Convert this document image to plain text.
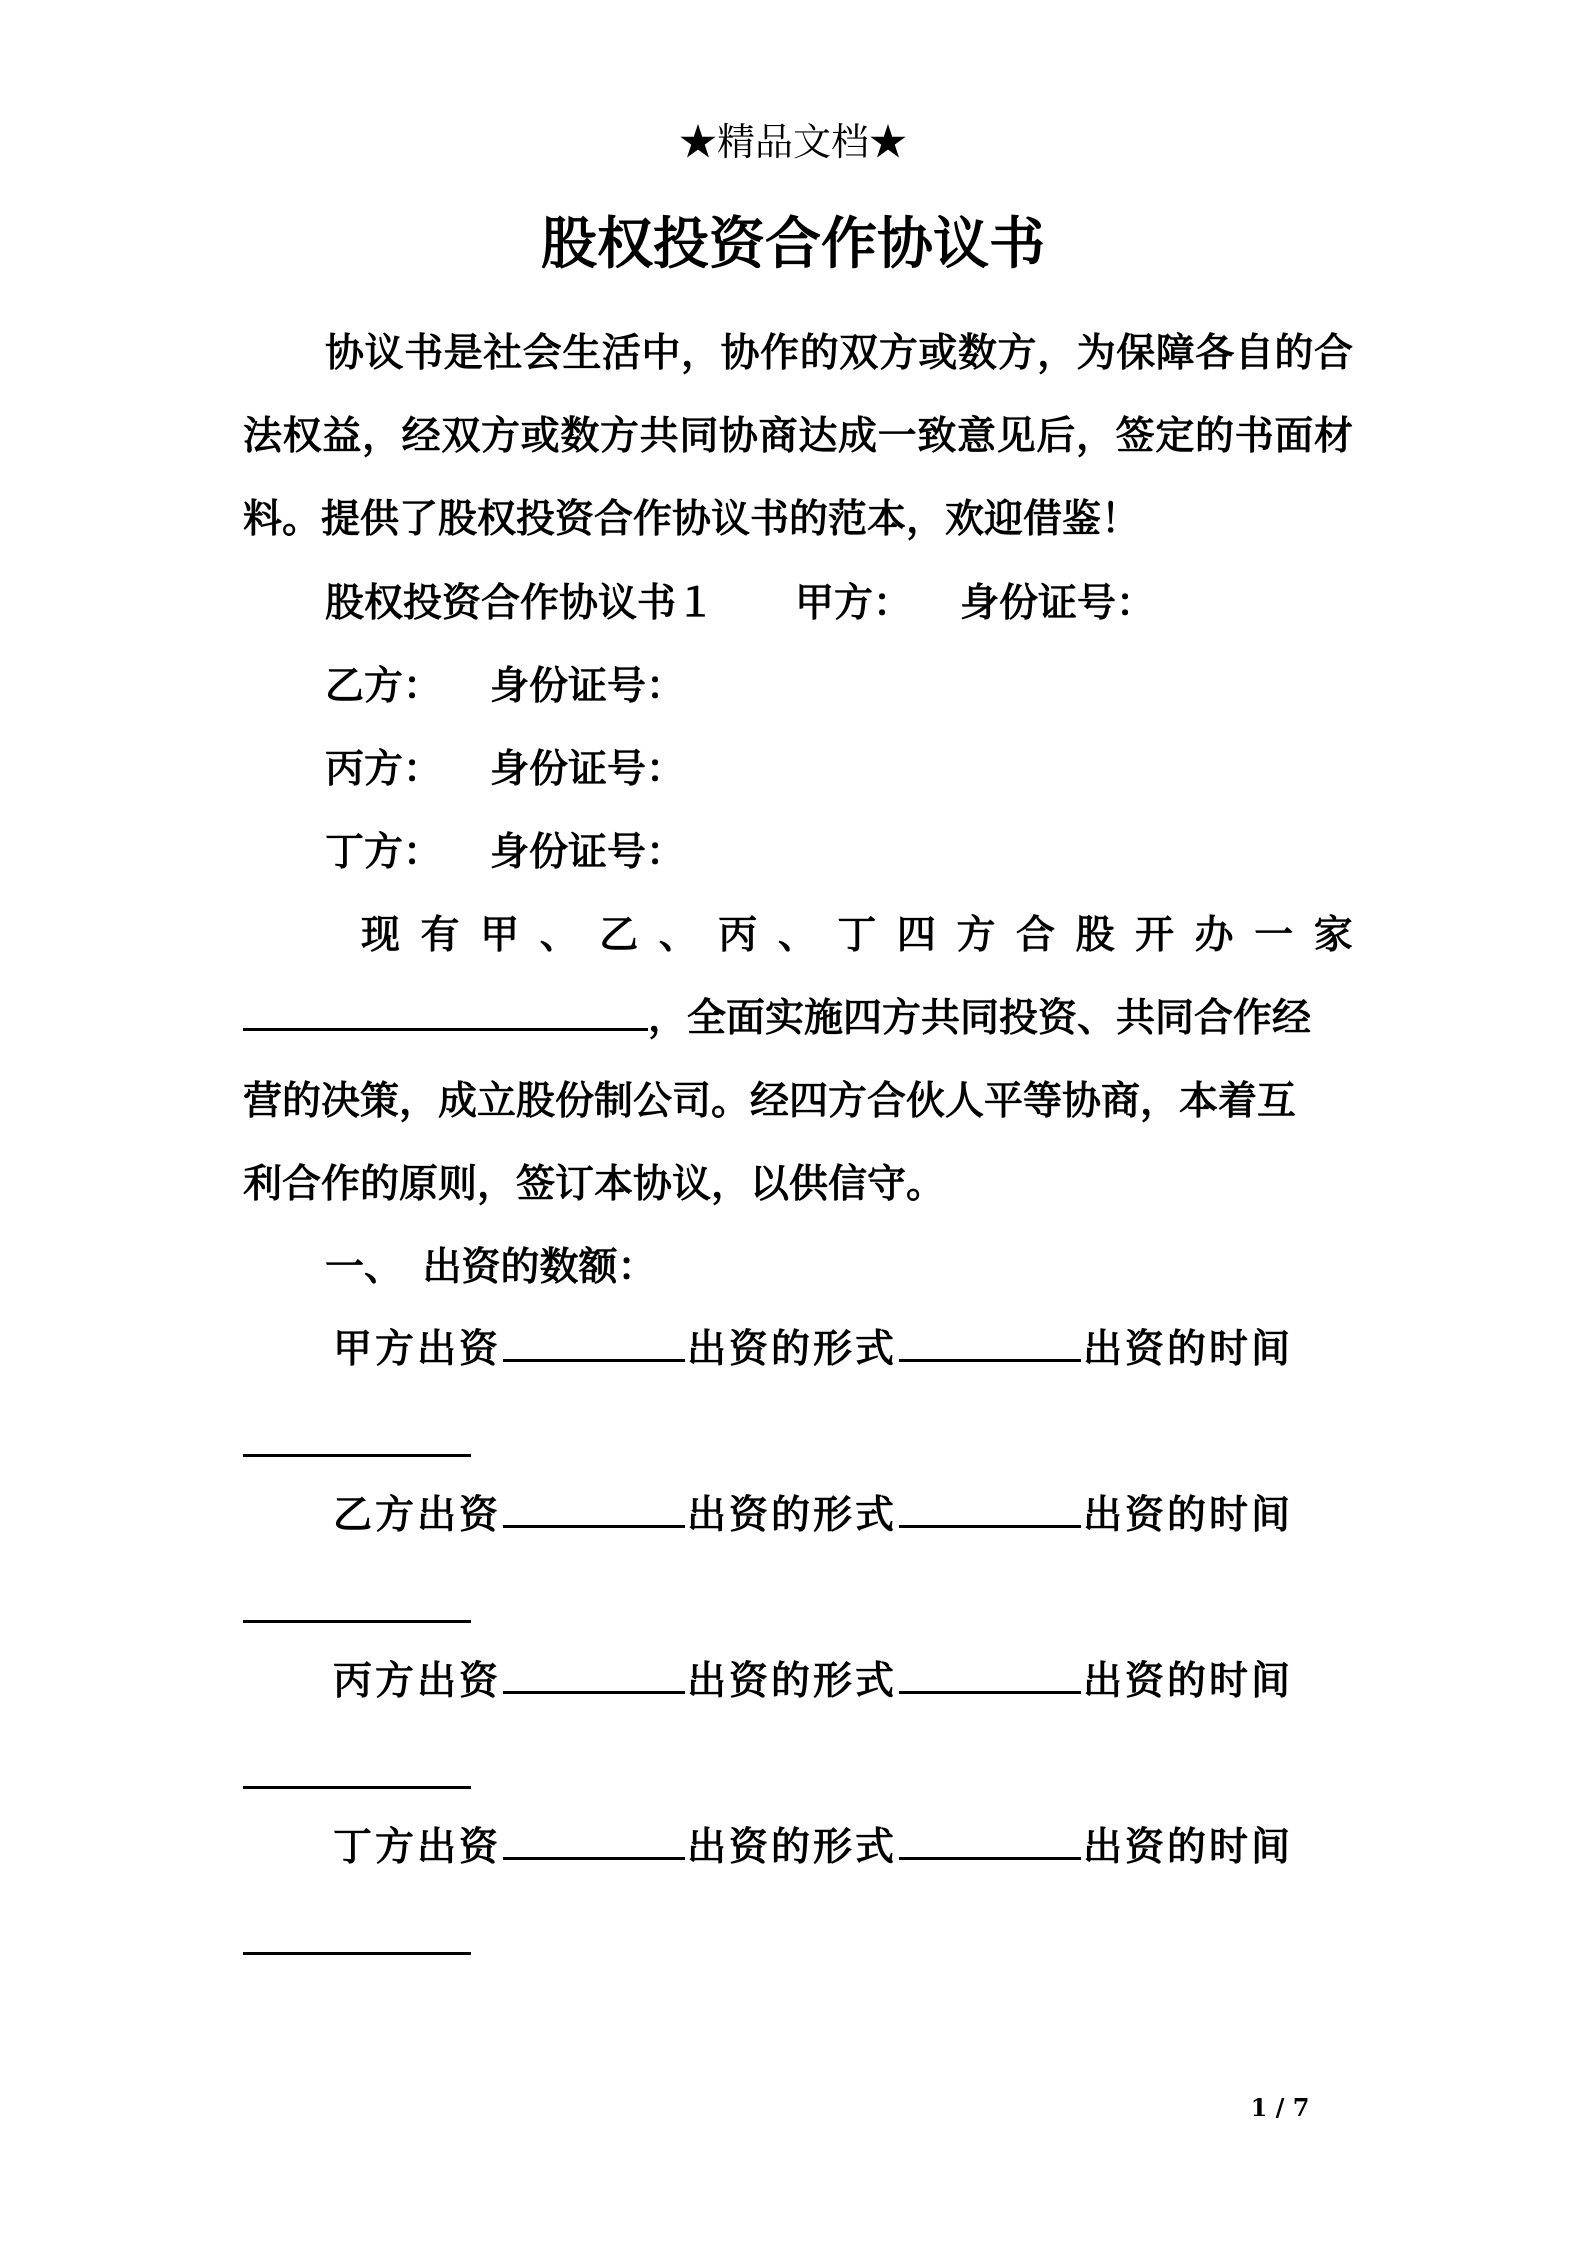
★精品文档★
股权投资合作协议书
协议书是社会生活中，协作的双方或数方，为保障各自的合法权益，经双方或数方共同协商达成一致意见后，签定的书面材料。提供了股权投资合作协议书的范本，欢迎借鉴！
股权投资合作协议书１ 甲方： 身份证号：
乙方： 身份证号：
丙方： 身份证号：
丁方： 身份证号：
现 有 甲 、 乙 、 丙 、 丁 四 方 合 股 开 办 一 家
，全面实施四方共同投资、共同合作经
营的决策，成立股份制公司。经四方合伙人平等协商，本着互
利合作的原则，签订本协议，以供信守。
一、　出资的数额：
甲方出资	出资的形式	出资的时间
乙方出资	出资的形式	出资的时间
丙方出资	出资的形式	出资的时间
丁方出资	出资的形式	出资的时间
1 / 7
